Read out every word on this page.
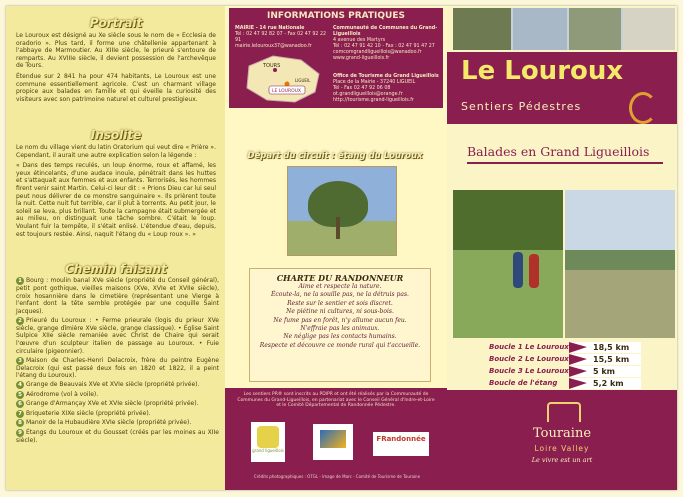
Portrait

Le Louroux est désigné au Xe siècle sous le nom de « Ecclesia de oradorio ». Plus tard, il forme une châtellenie appartenant à l'abbaye de Marmoutier. Au XIIIe siècle, le prieuré s'entoure de remparts. Au XVIIIe siècle, il devient possession de l'archevêque de Tours.

Étendue sur 2 841 ha pour 474 habitants, Le Louroux est une commune essentiellement agricole. C'est un charmant village propice aux balades en famille et qui éveille la curiosité des visiteurs avec son patrimoine naturel et culturel prestigieux.

Insolite

Le nom du village vient du latin Oratorium qui veut dire « Prière ». Cependant, il aurait une autre explication selon la légende :

« Dans des temps reculés, un loup énorme, roux et affamé, les yeux étincelants, d'une audace inouïe, pénétrait dans les huttes et s'attaquait aux femmes et aux enfants. Terrorisés, les hommes firent venir saint Martin. Celui-ci leur dit : « Prions Dieu car lui seul peut nous délivrer de ce monstre sanguinaire ». Ils prièrent toute la nuit. Cette nuit fut terrible, car il plut à torrents. Au petit jour, le soleil se leva, plus brillant. Toute la campagne était submergée et au milieu, on distinguait une tâche sombre. C'était le loup. Voulant fuir la tempête, il s'était enlisé. L'étendue d'eau, depuis, est toujours restée. Ainsi, naquit l'étang du « Loup roux ». »

Chemin faisant
1 Bourg : moulin banal XVe siècle (propriété du Conseil général), petit pont gothique, vieilles maisons (XVe, XVIe et XVIIe siècle), croix hosannière dans le cimetière (représentant une Vierge à l'enfant dont la tête semble protégée par une coquille Saint Jacques).
2 Prieuré du Louroux : • Ferme prieurale (logis du prieur XVe siècle, grange dîmière XVe siècle, grange classique). • Église Saint Sulpice XIIe siècle remaniée avec Christ de Chaire qui serait l'œuvre d'un sculpteur italien de passage au Louroux. • Fuie circulaire (pigeonnier).
3 Maison de Charles-Henri Delacroix, frère du peintre Eugène Delacroix (qui est passé deux fois en 1820 et 1822, il a peint l'étang du Louroux).
4 Grange de Beauvais XVe et XVIe siècle (propriété privée).
5 Aérodrome (vol à voile).
6 Grange d'Armançay XVe et XVIe siècle (propriété privée).
7 Briqueterie XIXe siècle (propriété privée).
8 Manoir de la Hubaudière XVIe siècle (propriété privée).
9 Étangs du Louroux et du Gousset (créés par les moines au XIIe siècle).
INFORMATIONS PRATIQUES
MAIRIE - 14 rue Nationale
Tél : 02 47 92 82 07 - Fax 02 47 92 22 91
mairie.lelouroux37@wanadoo.fr
Communauté de Communes du Grand-Ligueillois
4 avenue des Martyrs
Tél : 02 47 91 42 10 - Fax : 02 47 91 47 27
comcomgrandligueillois@wanadoo.fr
www.grand-ligueillois.fr
Office de Tourisme du Grand Ligueillois
Place de la Mairie - 37240 LIGUEIL
Tél - Fax 02 47 92 06 08
ot.grandligueillois@orange.fr
http://tourisme.grand-ligueillois.fr
TOURS
LE LOUROUX
LIGUEIL
Départ du circuit : étang du Louroux
CHARTE DU RANDONNEUR
Aime et respecte la nature.
Écoute-la, ne la souille pas, ne la détruis pas.
Reste sur le sentier et sois discret.
Ne piétine ni cultures, ni sous-bois.
Ne fume pas en forêt, n'y allume aucun feu.
N'effraie pas les animaux.
Ne néglige pas les contacts humains.
Respecte et découvre ce monde rural qui t'accueille.
Les sentiers PR® sont inscrits au PDIPR et ont été réalisés par la Communauté de Communes du Grand-Ligueillois, en partenariat avec le Conseil Général d'Indre-et-Loire et le Comité Départemental de Randonnée Pédestre.
grand ligueillois
FRandonnée
Crédits photographiques : OTGL - Image de Marc - Comité de Tourisme de Touraine
Le Louroux
Sentiers Pédestres
Balades en Grand Ligueillois
Boucle 1 Le Louroux	18,5 km
Boucle 2 Le Louroux	15,5 km
Boucle 3 Le Louroux	5 km
Boucle de l'étang	5,2 km
Touraine
Loire Valley
Le vivre est un art
